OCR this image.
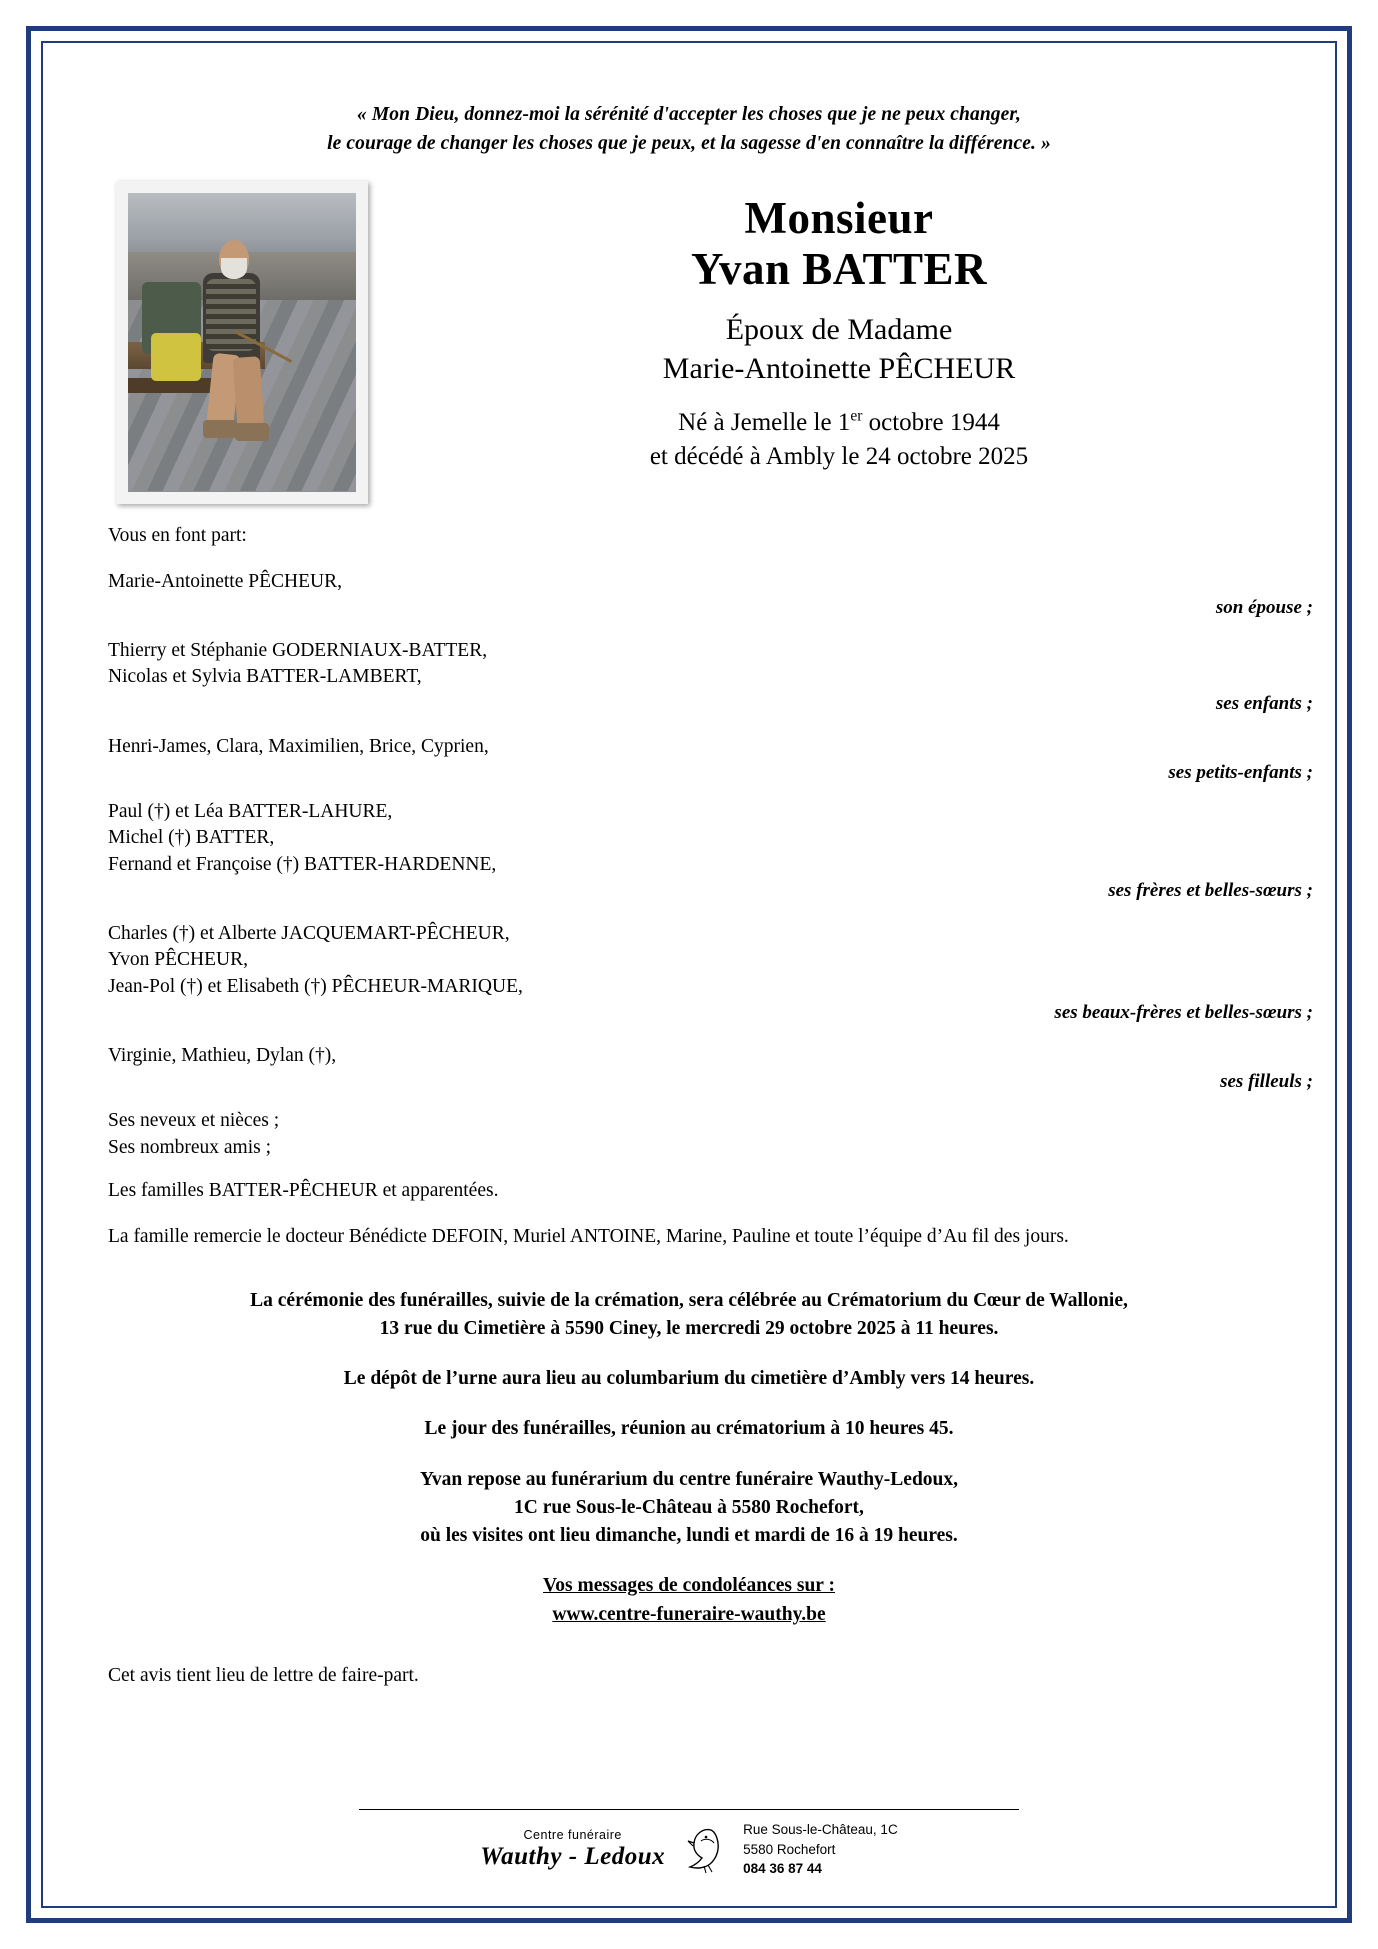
« Mon Dieu, donnez-moi la sérénité d'accepter les choses que je ne peux changer,
le courage de changer les choses que je peux, et la sagesse d'en connaître la différence. »
Monsieur
Yvan BATTER
Époux de Madame
Marie-Antoinette PÊCHEUR
Né à Jemelle le 1er octobre 1944
et décédé à Ambly le 24 octobre 2025
Vous en font part:
Marie-Antoinette PÊCHEUR,
son épouse ;
Thierry et Stéphanie GODERNIAUX-BATTER,
Nicolas et Sylvia BATTER-LAMBERT,
ses enfants ;
Henri-James, Clara, Maximilien, Brice, Cyprien,
ses petits-enfants ;
Paul (†) et Léa BATTER-LAHURE,
Michel (†) BATTER,
Fernand et Françoise (†) BATTER-HARDENNE,
ses frères et belles-sœurs ;
Charles (†) et Alberte JACQUEMART-PÊCHEUR,
Yvon PÊCHEUR,
Jean-Pol (†) et Elisabeth (†) PÊCHEUR-MARIQUE,
ses beaux-frères et belles-sœurs ;
Virginie, Mathieu, Dylan (†),
ses filleuls ;
Ses neveux et nièces ;
Ses nombreux amis ;
Les familles BATTER-PÊCHEUR et apparentées.
La famille remercie le docteur Bénédicte DEFOIN, Muriel ANTOINE, Marine, Pauline et toute l’équipe d’Au fil des jours.
La cérémonie des funérailles, suivie de la crémation, sera célébrée au Crématorium du Cœur de Wallonie,
13 rue du Cimetière à 5590 Ciney, le mercredi 29 octobre 2025 à 11 heures.
Le dépôt de l’urne aura lieu au columbarium du cimetière d’Ambly vers 14 heures.
Le jour des funérailles, réunion au crématorium à 10 heures 45.
Yvan repose au funérarium du centre funéraire Wauthy-Ledoux,
1C rue Sous-le-Château à 5580 Rochefort,
où les visites ont lieu dimanche, lundi et mardi de 16 à 19 heures.
Vos messages de condoléances sur :
www.centre-funeraire-wauthy.be
Cet avis tient lieu de lettre de faire-part.
Centre funéraire
Wauthy - Ledoux
Rue Sous-le-Château, 1C
5580 Rochefort
084 36 87 44
